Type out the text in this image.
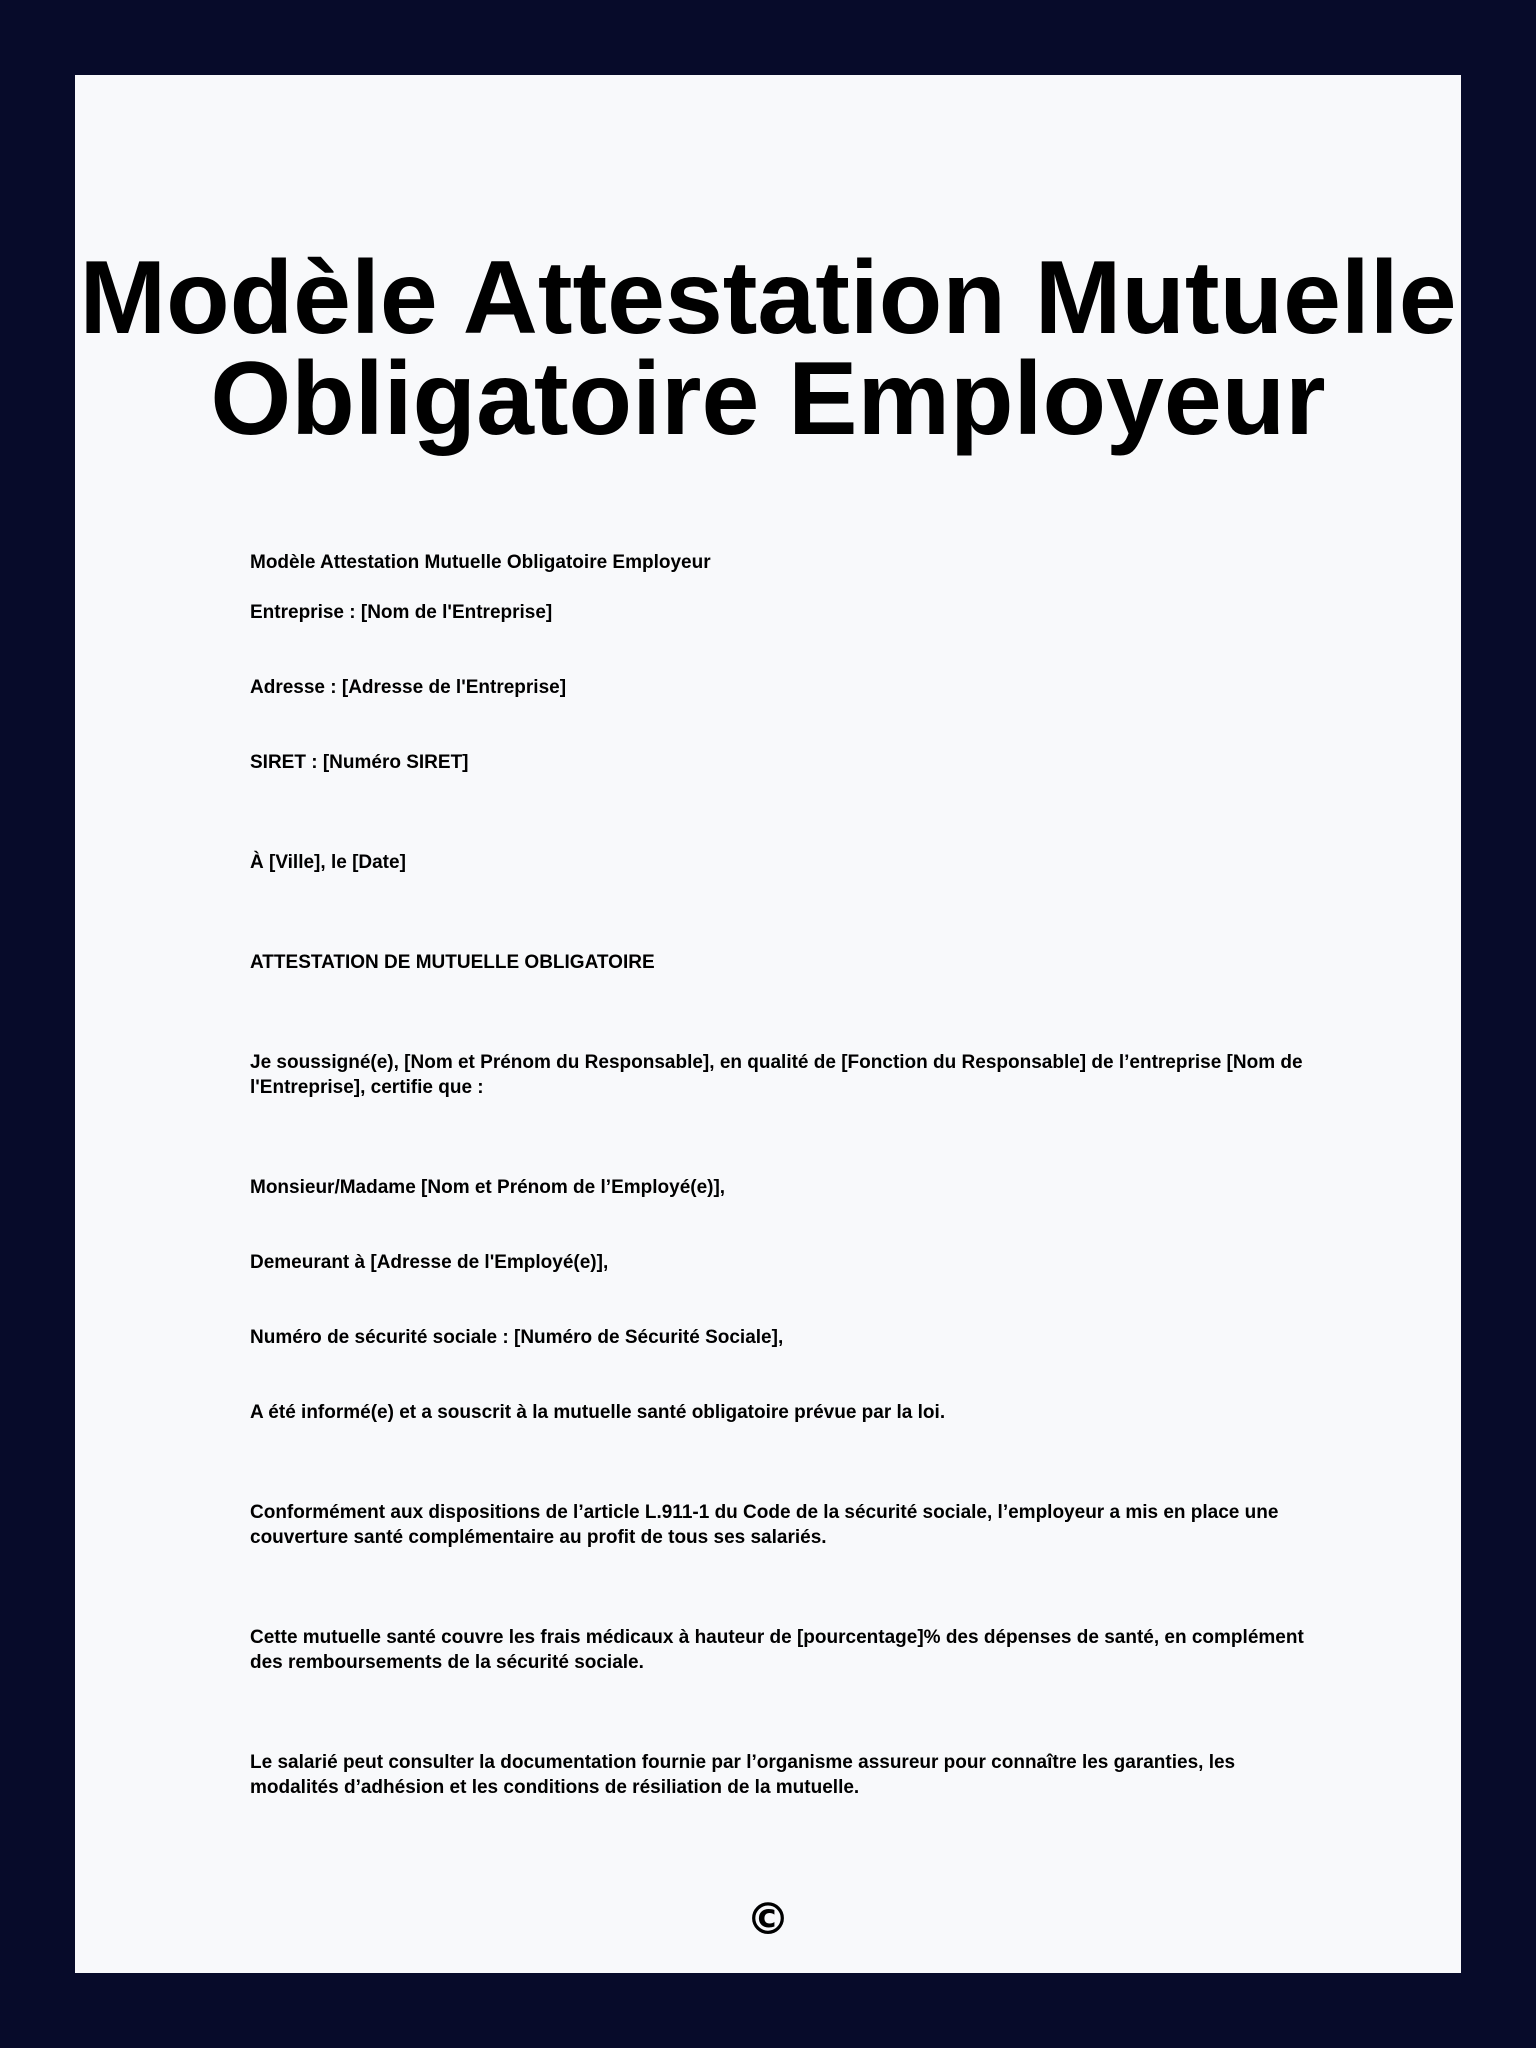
Modèle Attestation Mutuelle Obligatoire Employeur

Modèle Attestation Mutuelle Obligatoire Employeur

Entreprise : [Nom de l'Entreprise]

Adresse : [Adresse de l'Entreprise]

SIRET : [Numéro SIRET]

À [Ville], le [Date]

ATTESTATION DE MUTUELLE OBLIGATOIRE

Je soussigné(e), [Nom et Prénom du Responsable], en qualité de [Fonction du Responsable] de l’entreprise [Nom de l'Entreprise], certifie que :

Monsieur/Madame [Nom et Prénom de l’Employé(e)],

Demeurant à [Adresse de l'Employé(e)],

Numéro de sécurité sociale : [Numéro de Sécurité Sociale],

A été informé(e) et a souscrit à la mutuelle santé obligatoire prévue par la loi.

Conformément aux dispositions de l’article L.911-1 du Code de la sécurité sociale, l’employeur a mis en place une couverture santé complémentaire au profit de tous ses salariés.

Cette mutuelle santé couvre les frais médicaux à hauteur de [pourcentage]% des dépenses de santé, en complément des remboursements de la sécurité sociale.

Le salarié peut consulter la documentation fournie par l’organisme assureur pour connaître les garanties, les modalités d’adhésion et les conditions de résiliation de la mutuelle.

©
